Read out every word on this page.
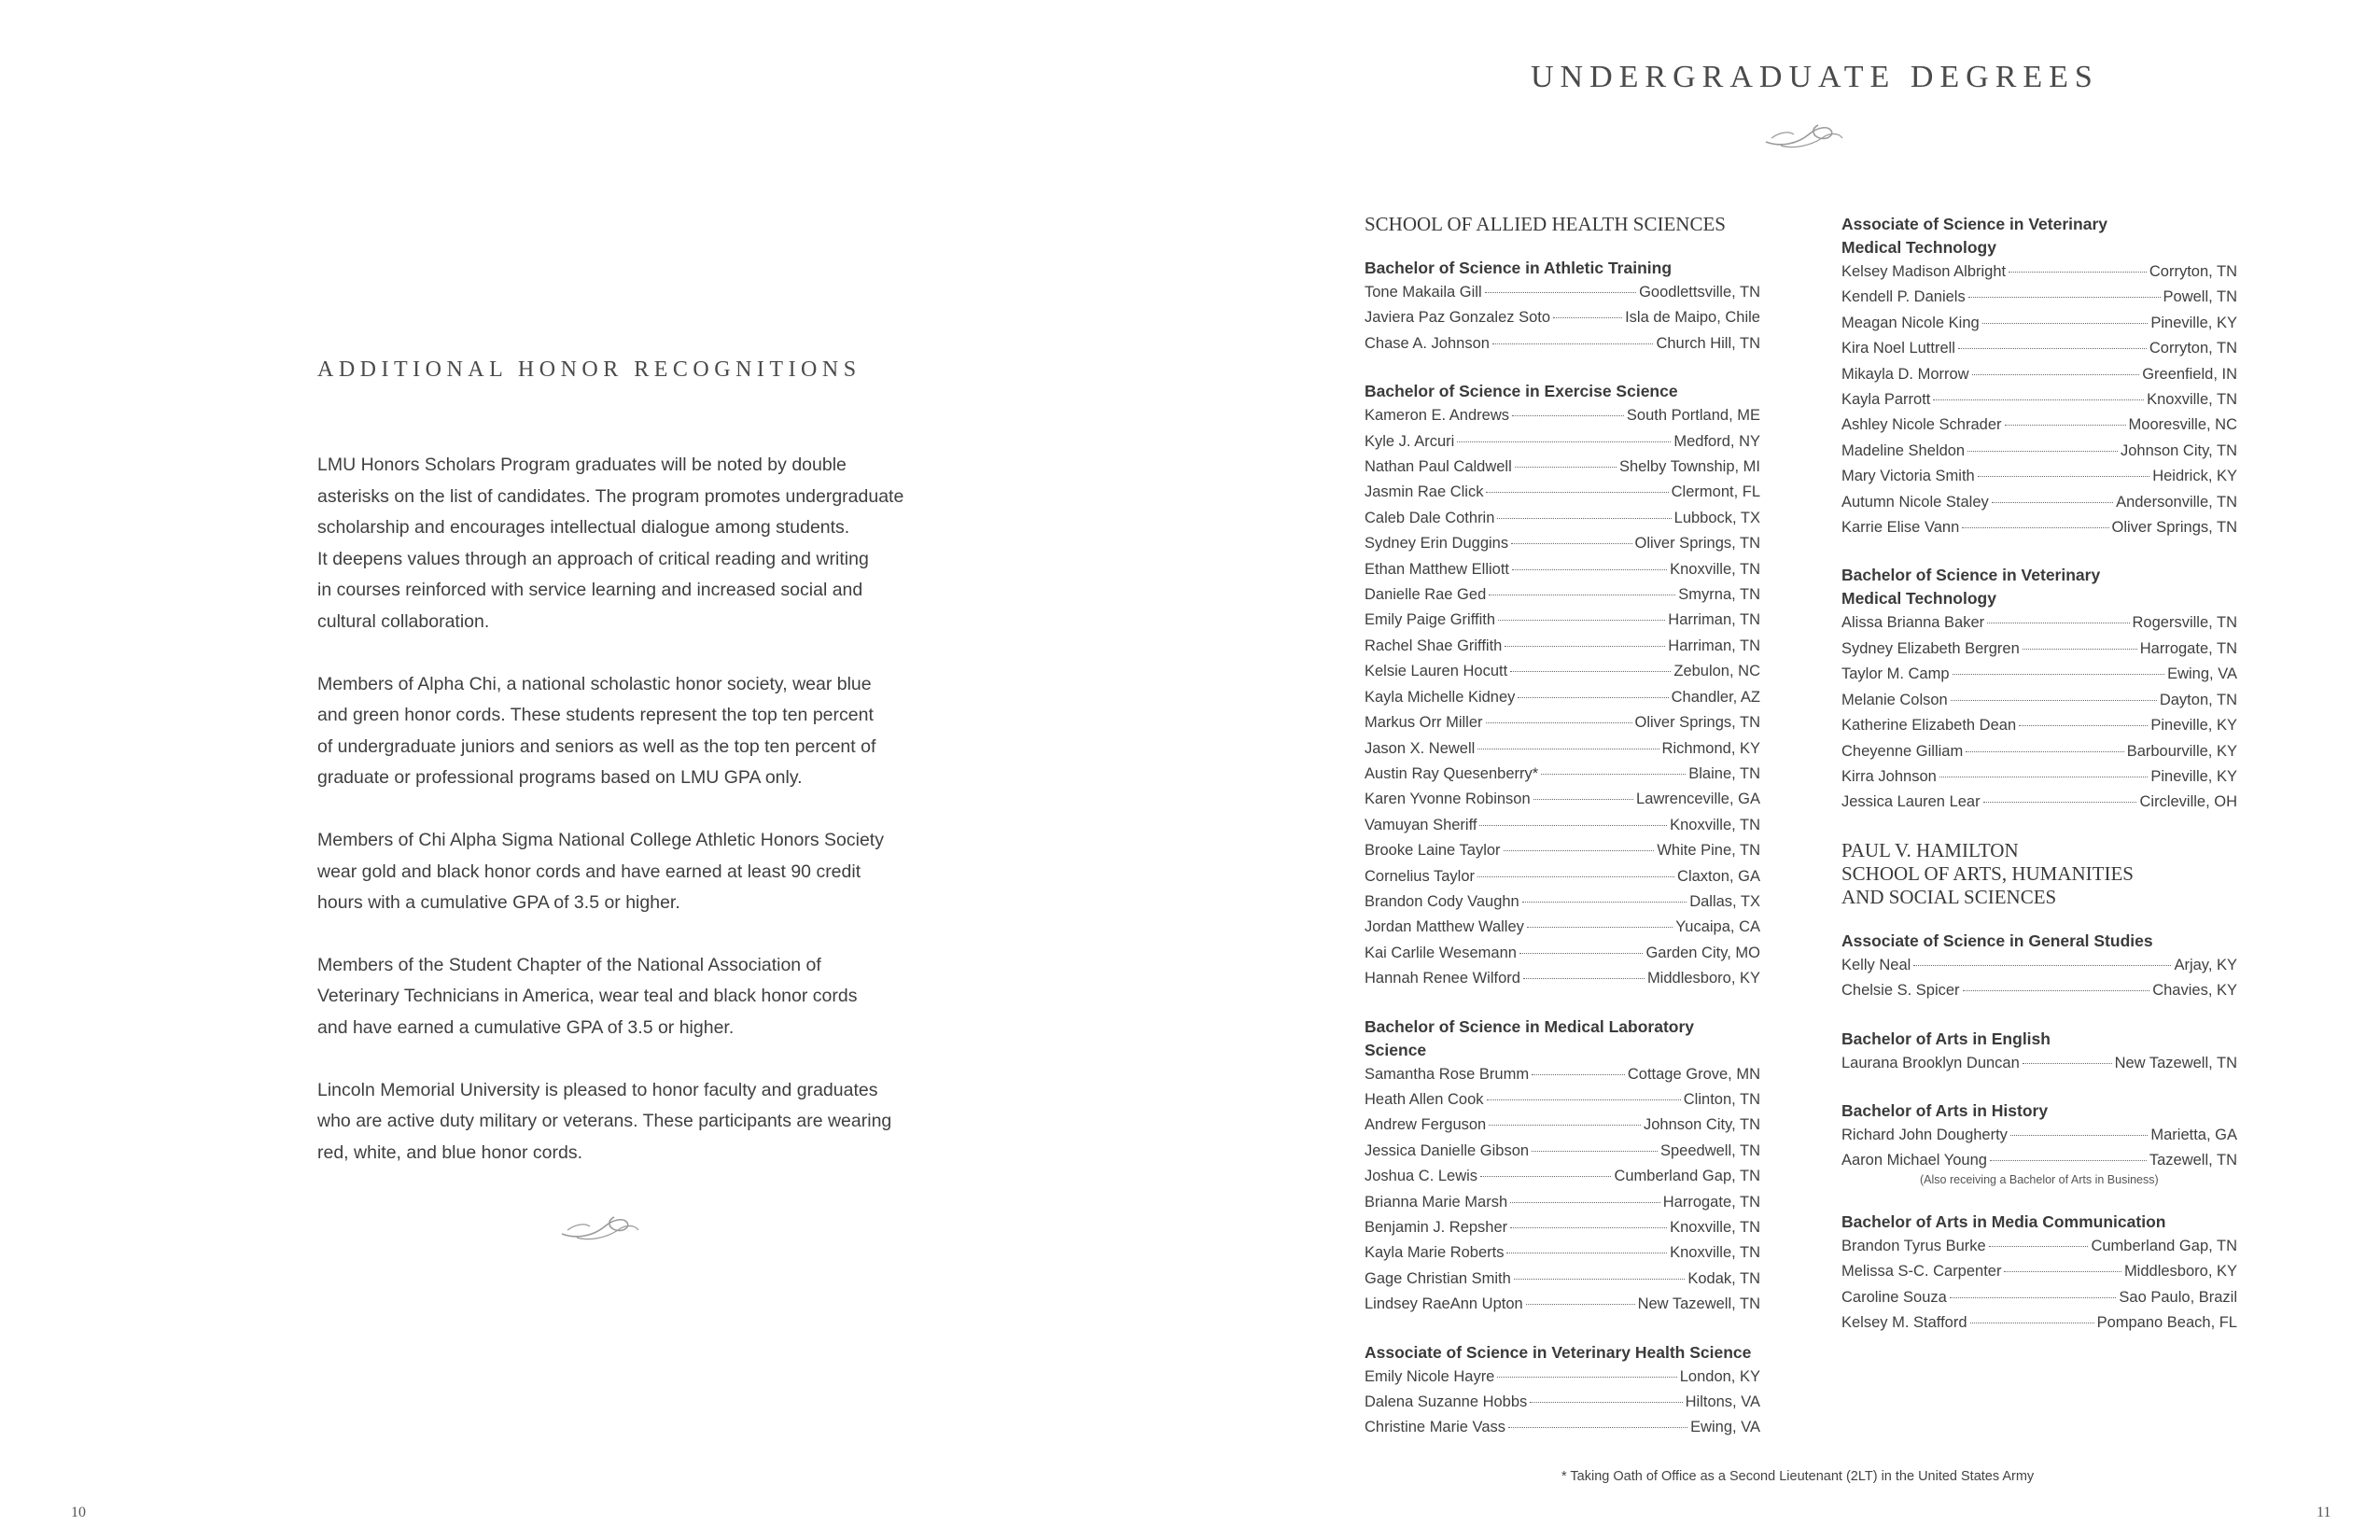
ADDITIONAL HONOR RECOGNITIONS
LMU Honors Scholars Program graduates will be noted by double
asterisks on the list of candidates. The program promotes undergraduate
scholarship and encourages intellectual dialogue among students.
It deepens values through an approach of critical reading and writing
in courses reinforced with service learning and increased social and
cultural collaboration.
Members of Alpha Chi, a national scholastic honor society, wear blue
and green honor cords. These students represent the top ten percent
of undergraduate juniors and seniors as well as the top ten percent of
graduate or professional programs based on LMU GPA only.
Members of Chi Alpha Sigma National College Athletic Honors Society
wear gold and black honor cords and have earned at least 90 credit
hours with a cumulative GPA of 3.5 or higher.
Members of the Student Chapter of the National Association of
Veterinary Technicians in America, wear teal and black honor cords
and have earned a cumulative GPA of 3.5 or higher.
Lincoln Memorial University is pleased to honor faculty and graduates
who are active duty military or veterans. These participants are wearing
red, white, and blue honor cords.
10
UNDERGRADUATE DEGREES
SCHOOL OF ALLIED HEALTH SCIENCES
Bachelor of Science in Athletic Training
Tone Makaila Gill	Goodlettsville, TN
Javiera Paz Gonzalez Soto	Isla de Maipo, Chile
Chase A. Johnson	Church Hill, TN
Bachelor of Science in Exercise Science
Kameron E. Andrews	South Portland, ME
Kyle J. Arcuri	Medford, NY
Nathan Paul Caldwell	Shelby Township, MI
Jasmin Rae Click	Clermont, FL
Caleb Dale Cothrin	Lubbock, TX
Sydney Erin Duggins	Oliver Springs, TN
Ethan Matthew Elliott	Knoxville, TN
Danielle Rae Ged	Smyrna, TN
Emily Paige Griffith	Harriman, TN
Rachel Shae Griffith	Harriman, TN
Kelsie Lauren Hocutt	Zebulon, NC
Kayla Michelle Kidney	Chandler, AZ
Markus Orr Miller	Oliver Springs, TN
Jason X. Newell	Richmond, KY
Austin Ray Quesenberry*	Blaine, TN
Karen Yvonne Robinson	Lawrenceville, GA
Vamuyan Sheriff	Knoxville, TN
Brooke Laine Taylor	White Pine, TN
Cornelius Taylor	Claxton, GA
Brandon Cody Vaughn	Dallas, TX
Jordan Matthew Walley	Yucaipa, CA
Kai Carlile Wesemann	Garden City, MO
Hannah Renee Wilford	Middlesboro, KY
Bachelor of Science in Medical Laboratory Science
Samantha Rose Brumm	Cottage Grove, MN
Heath Allen Cook	Clinton, TN
Andrew Ferguson	Johnson City, TN
Jessica Danielle Gibson	Speedwell, TN
Joshua C. Lewis	Cumberland Gap, TN
Brianna Marie Marsh	Harrogate, TN
Benjamin J. Repsher	Knoxville, TN
Kayla Marie Roberts	Knoxville, TN
Gage Christian Smith	Kodak, TN
Lindsey RaeAnn Upton	New Tazewell, TN
Associate of Science in Veterinary Health Science
Emily Nicole Hayre	London, KY
Dalena Suzanne Hobbs	Hiltons, VA
Christine Marie Vass	Ewing, VA
Associate of Science in Veterinary
Medical Technology
Kelsey Madison Albright	Corryton, TN
Kendell P. Daniels	Powell, TN
Meagan Nicole King	Pineville, KY
Kira Noel Luttrell	Corryton, TN
Mikayla D. Morrow	Greenfield, IN
Kayla Parrott	Knoxville, TN
Ashley Nicole Schrader	Mooresville, NC
Madeline Sheldon	Johnson City, TN
Mary Victoria Smith	Heidrick, KY
Autumn Nicole Staley	Andersonville, TN
Karrie Elise Vann	Oliver Springs, TN
Bachelor of Science in Veterinary
Medical Technology
Alissa Brianna Baker	Rogersville, TN
Sydney Elizabeth Bergren	Harrogate, TN
Taylor M. Camp	Ewing, VA
Melanie Colson	Dayton, TN
Katherine Elizabeth Dean	Pineville, KY
Cheyenne Gilliam	Barbourville, KY
Kirra Johnson	Pineville, KY
Jessica Lauren Lear	Circleville, OH
PAUL V. HAMILTON
SCHOOL OF ARTS, HUMANITIES
AND SOCIAL SCIENCES
Associate of Science in General Studies
Kelly Neal	Arjay, KY
Chelsie S. Spicer	Chavies, KY
Bachelor of Arts in English
Laurana Brooklyn Duncan	New Tazewell, TN
Bachelor of Arts in History
Richard John Dougherty	Marietta, GA
Aaron Michael Young	Tazewell, TN
(Also receiving a Bachelor of Arts in Business)
Bachelor of Arts in Media Communication
Brandon Tyrus Burke	Cumberland Gap, TN
Melissa S-C. Carpenter	Middlesboro, KY
Caroline Souza	Sao Paulo, Brazil
Kelsey M. Stafford	Pompano Beach, FL
* Taking Oath of Office as a Second Lieutenant (2LT) in the United States Army
11
